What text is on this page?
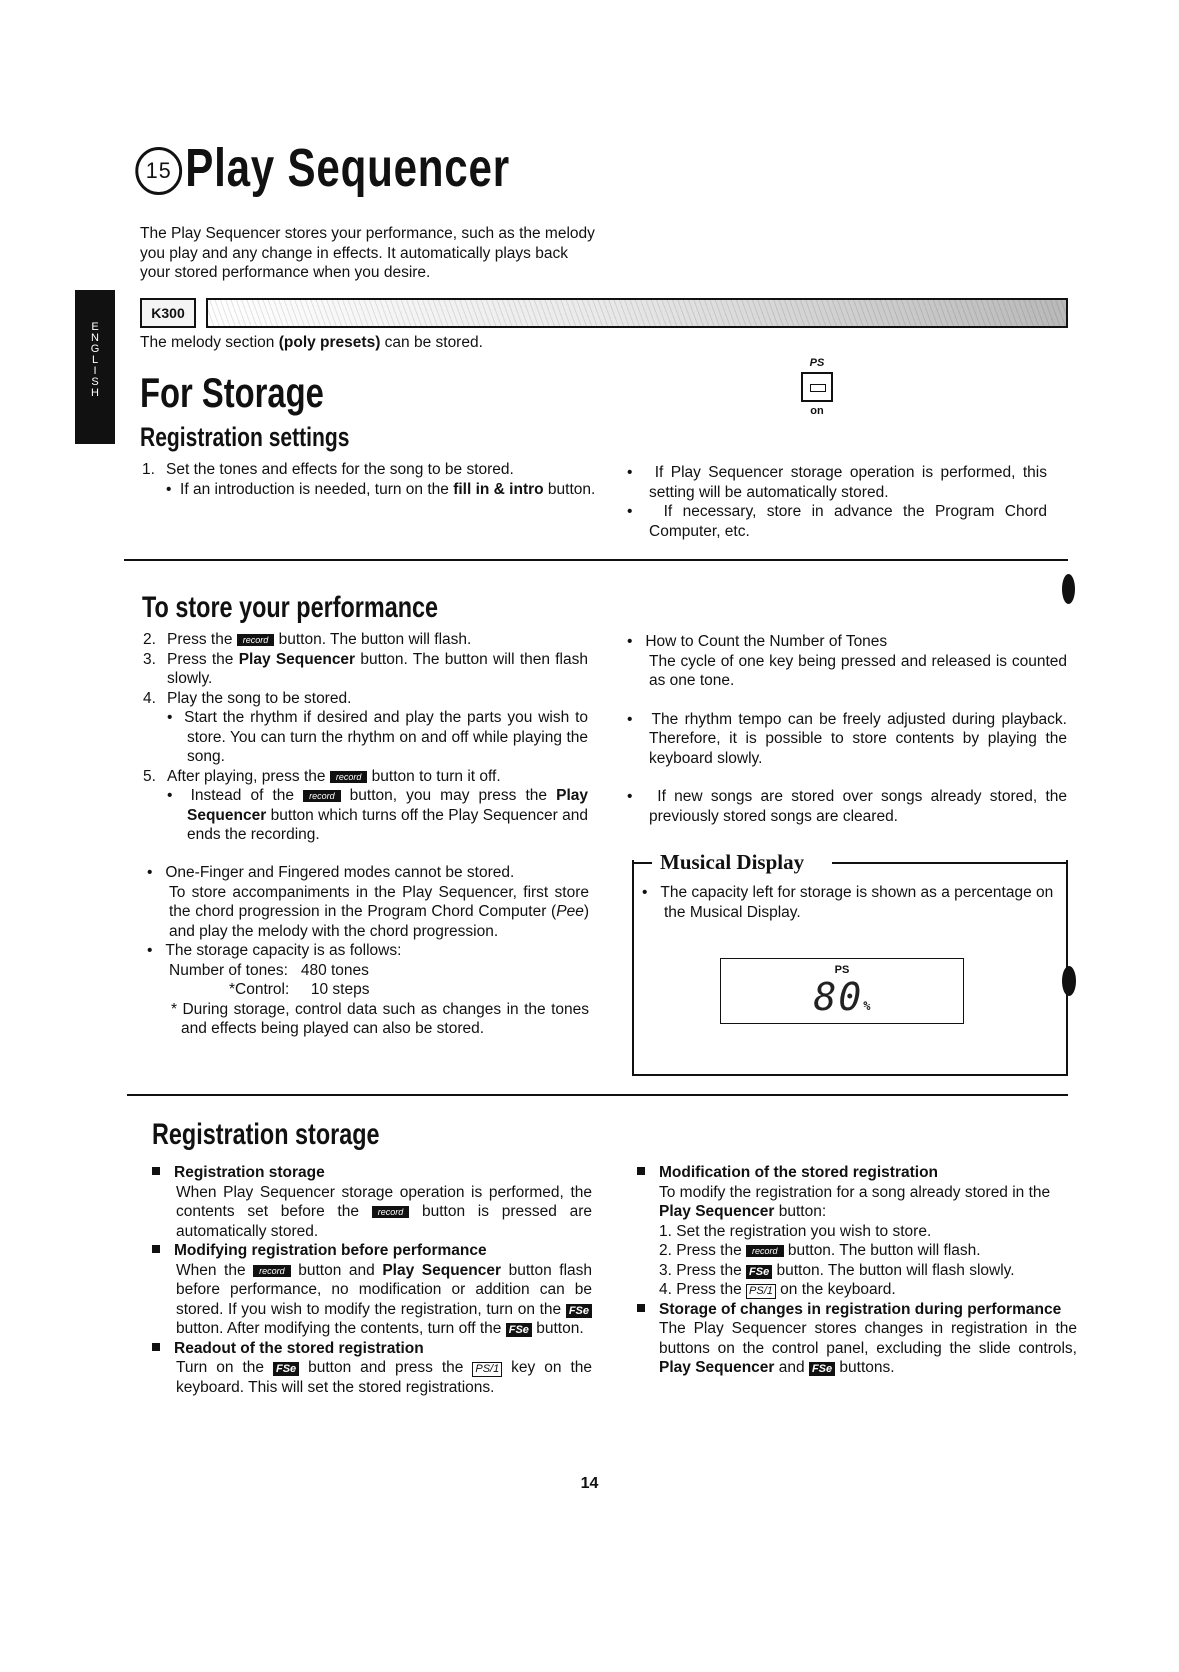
E
N
G
L
I
S
H
15 Play Sequencer

The Play Sequencer stores your performance, such as the melody you play and any change in effects. It automatically plays back your stored performance when you desire.

K300

The melody section (poly presets) can be stored.

PS
on
For Storage
Registration settings

1. Set the tones and effects for the song to be stored.

•  If an introduction is needed, turn on the fill in & intro button.

•   If Play Sequencer storage operation is performed, this setting will be automatically stored.

•   If necessary, store in advance the Program Chord Computer, etc.

To store your performance

2. Press the record button. The button will flash.

3. Press the Play Sequencer button. The button will then flash slowly.

4. Play the song to be stored.

•  Start the rhythm if desired and play the parts you wish to store. You can turn the rhythm on and off while playing the song.

5. After playing, press the record button to turn it off.

•  Instead of the record button, you may press the Play Sequencer button which turns off the Play Sequencer and ends the recording.

•   One-Finger and Fingered modes cannot be stored.
To store accompaniments in the Play Sequencer, first store the chord progression in the Program Chord Computer (Pee) and play the melody with the chord progression.

•   The storage capacity is as follows:

Number of tones: 480 tones

*Control: 10 steps

* During storage, control data such as changes in the tones and effects being played can also be stored.

•   How to Count the Number of Tones

The cycle of one key being pressed and released is counted as one tone.

•   The rhythm tempo can be freely adjusted during playback. Therefore, it is possible to store contents by playing the keyboard slowly.

•   If new songs are stored over songs already stored, the previously stored songs are cleared.

Musical Display

•   The capacity left for storage is shown as a percentage on the Musical Display.

PS
80%
Registration storage

Registration storage

When Play Sequencer storage operation is performed, the contents set before the record button is pressed are automatically stored.

Modifying registration before performance

When the record button and Play Sequencer button flash before performance, no modification or addition can be stored. If you wish to modify the registration, turn on the FSe button. After modifying the contents, turn off the FSe button.

Readout of the stored registration

Turn on the FSe button and press the PS/1 key on the keyboard. This will set the stored registrations.

Modification of the stored registration

To modify the registration for a song already stored in the Play Sequencer button:

1. Set the registration you wish to store.

2. Press the record button. The button will flash.

3. Press the FSe button. The button will flash slowly.

4. Press the PS/1 on the keyboard.

Storage of changes in registration during performance

The Play Sequencer stores changes in registration in the buttons on the control panel, excluding the slide controls, Play Sequencer and FSe buttons.

14
